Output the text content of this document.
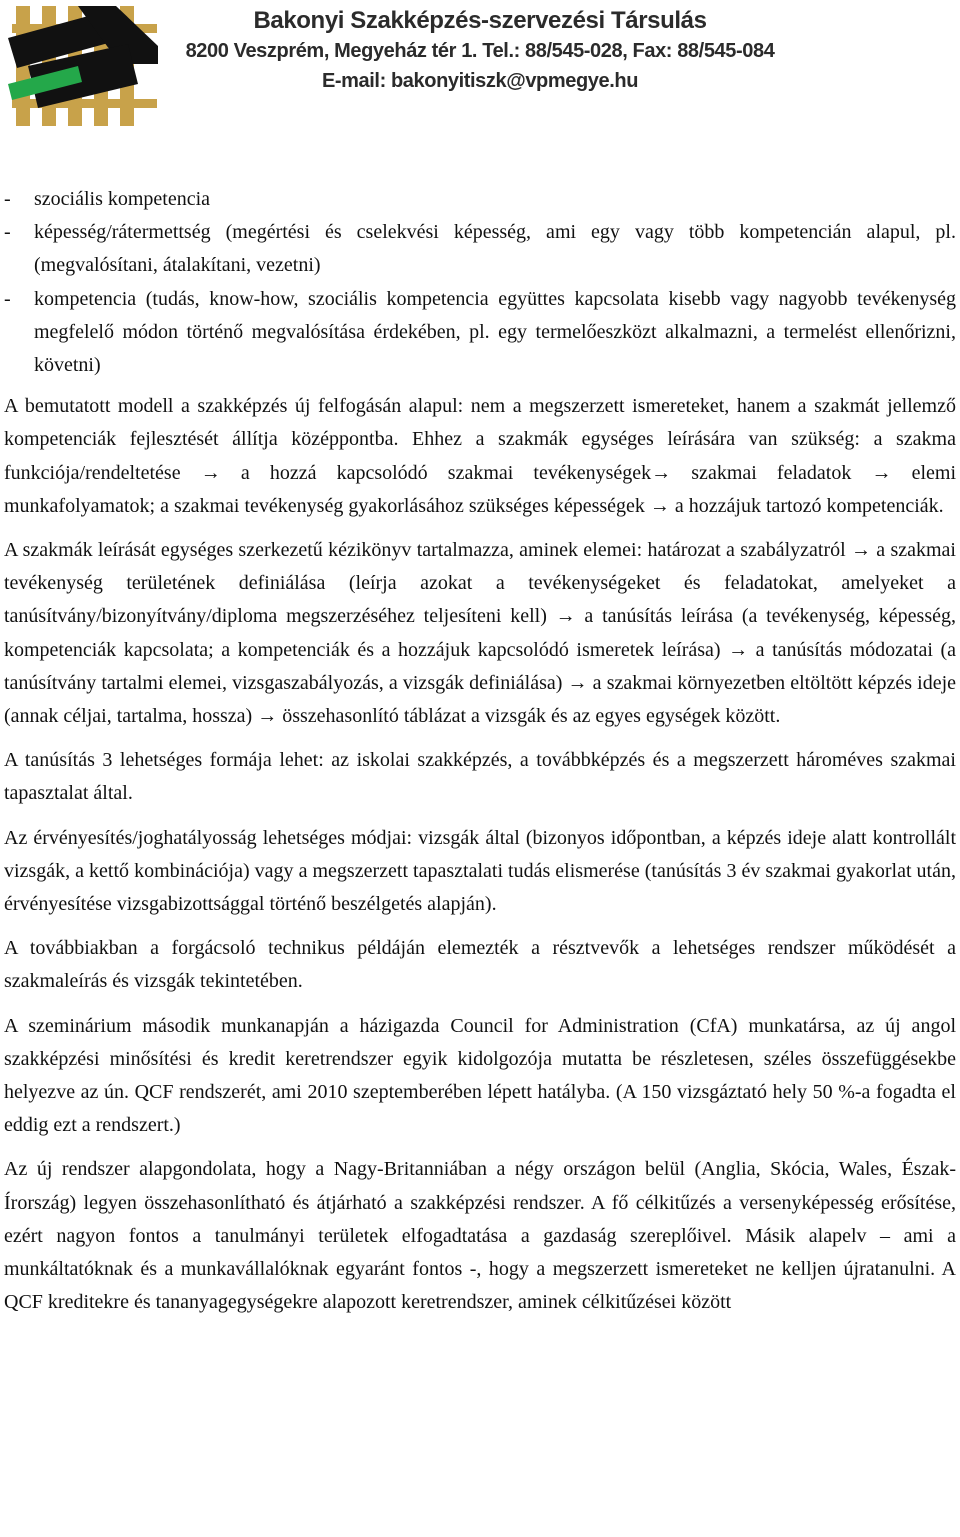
Bakonyi Szakképzés-szervezési Társulás
8200 Veszprém, Megyeház tér 1. Tel.: 88/545-028, Fax: 88/545-084
E-mail: bakonyitiszk@vpmegye.hu
- szociális kompetencia
- képesség/rátermettség (megértési és cselekvési képesség, ami egy vagy több kompetencián alapul, pl. (megvalósítani, átalakítani, vezetni)
- kompetencia (tudás, know-how, szociális kompetencia együttes kapcsolata kisebb vagy nagyobb tevékenység megfelelő módon történő megvalósítása érdekében, pl. egy termelőeszközt alkalmazni, a termelést ellenőrizni, követni)

A bemutatott modell a szakképzés új felfogásán alapul: nem a megszerzett ismereteket, hanem a szakmát jellemző kompetenciák fejlesztését állítja középpontba. Ehhez a szakmák egységes leírására van szükség: a szakma funkciója/rendeltetése → a hozzá kapcsolódó szakmai tevékenységek→ szakmai feladatok → elemi munkafolyamatok; a szakmai tevékenység gyakorlásához szükséges képességek → a hozzájuk tartozó kompetenciák.

A szakmák leírását egységes szerkezetű kézikönyv tartalmazza, aminek elemei: határozat a szabályzatról → a szakmai tevékenység területének definiálása (leírja azokat a tevékenységeket és feladatokat, amelyeket a tanúsítvány/bizonyítvány/diploma megszerzéséhez teljesíteni kell) → a tanúsítás leírása (a tevékenység, képesség, kompetenciák kapcsolata; a kompetenciák és a hozzájuk kapcsolódó ismeretek leírása) → a tanúsítás módozatai (a tanúsítvány tartalmi elemei, vizsgaszabályozás, a vizsgák definiálása) → a szakmai környezetben eltöltött képzés ideje (annak céljai, tartalma, hossza) → összehasonlító táblázat a vizsgák és az egyes egységek között.

A tanúsítás 3 lehetséges formája lehet: az iskolai szakképzés, a továbbképzés és a megszerzett hároméves szakmai tapasztalat által.

Az érvényesítés/joghatályosság lehetséges módjai: vizsgák által (bizonyos időpontban, a képzés ideje alatt kontrollált vizsgák, a kettő kombinációja) vagy a megszerzett tapasztalati tudás elismerése (tanúsítás 3 év szakmai gyakorlat után, érvényesítése vizsgabizottsággal történő beszélgetés alapján).

A továbbiakban a forgácsoló technikus példáján elemezték a résztvevők a lehetséges rendszer működését a szakmaleírás és vizsgák tekintetében.

A szeminárium második munkanapján a házigazda Council for Administration (CfA) munkatársa, az új angol szakképzési minősítési és kredit keretrendszer egyik kidolgozója mutatta be részletesen, széles összefüggésekbe helyezve az ún. QCF rendszerét, ami 2010 szeptemberében lépett hatályba. (A 150 vizsgáztató hely 50 %-a fogadta el eddig ezt a rendszert.)

Az új rendszer alapgondolata, hogy a Nagy-Britanniában a négy országon belül (Anglia, Skócia, Wales, Észak-Írország) legyen összehasonlítható és átjárható a szakképzési rendszer. A fő célkitűzés a versenyképesség erősítése, ezért nagyon fontos a tanulmányi területek elfogadtatása a gazdaság szereplőivel. Másik alapelv – ami a munkáltatóknak és a munkavállalóknak egyaránt fontos -, hogy a megszerzett ismereteket ne kelljen újratanulni. A QCF kreditekre és tananyagegységekre alapozott keretrendszer, aminek célkitűzései között
